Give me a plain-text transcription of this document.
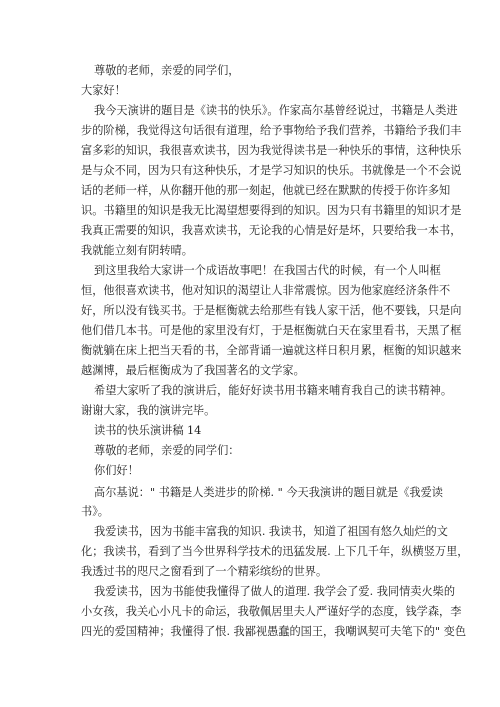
尊敬的老师，亲爱的同学们，
大家好！
我今天演讲的题目是《读书的快乐》。作家高尔基曾经说过，书籍是人类进
步的阶梯，我觉得这句话很有道理，给予事物给予我们营养，书籍给予我们丰
富多彩的知识，我很喜欢读书，因为我觉得读书是一种快乐的事情，这种快乐
是与众不同，因为只有这种快乐，才是学习知识的快乐。书就像是一个不会说
话的老师一样，从你翻开他的那一刻起，他就已经在默默的传授于你许多知
识。书籍里的知识是我无比渴望想要得到的知识。因为只有书籍里的知识才是
我真正需要的知识，我喜欢读书，无论我的心情是好是坏，只要给我一本书，
我就能立刻有阴转晴。
到这里我给大家讲一个成语故事吧！在我国古代的时候，有一个人叫框
恒，他很喜欢读书，他对知识的渴望让人非常震惊。因为他家庭经济条件不
好，所以没有钱买书。于是框衡就去给那些有钱人家干活，他不要钱，只是向
他们借几本书。可是他的家里没有灯，于是框衡就白天在家里看书，天黑了框
衡就躺在床上把当天看的书，全部背诵一遍就这样日积月累，框衡的知识越来
越渊博，最后框衡成为了我国著名的文学家。
希望大家听了我的演讲后，能好好读书用书籍来哺育我自己的读书精神。
谢谢大家，我的演讲完毕。
读书的快乐演讲稿 14
尊敬的老师，亲爱的同学们：
你们好！
高尔基说：" 书籍是人类进步的阶梯. " 今天我演讲的题目就是《我爱读
书》。
我爱读书，因为书能丰富我的知识. 我读书，知道了祖国有悠久灿烂的文
化；我读书，看到了当今世界科学技术的迅猛发展. 上下几千年，纵横竖万里，
我透过书的咫尺之窗看到了一个精彩缤纷的世界。
我爱读书，因为书能使我懂得了做人的道理. 我学会了爱. 我同情卖火柴的
小女孩，我关心小凡卡的命运，我敬佩居里夫人严谨好学的态度，钱学森，李
四光的爱国精神；我懂得了恨. 我鄙视愚蠢的国王，我嘲讽契可夫笔下的" 变色
